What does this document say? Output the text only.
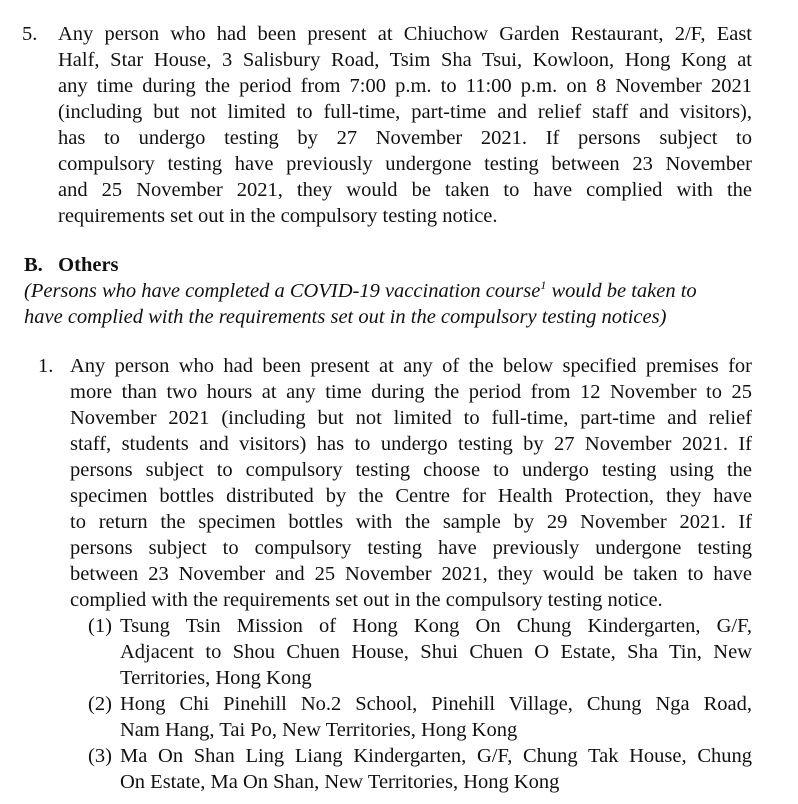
5. Any person who had been present at Chiuchow Garden Restaurant, 2/F, East
Half, Star House, 3 Salisbury Road, Tsim Sha Tsui, Kowloon, Hong Kong at
any time during the period from 7:00 p.m. to 11:00 p.m. on 8 November 2021
(including but not limited to full-time, part-time and relief staff and visitors),
has to undergo testing by 27 November 2021. If persons subject to
compulsory testing have previously undergone testing between 23 November
and 25 November 2021, they would be taken to have complied with the
requirements set out in the compulsory testing notice.
B.   Others
(Persons who have completed a COVID-19 vaccination course$^1$ would be taken to
have complied with the requirements set out in the compulsory testing notices)
1. Any person who had been present at any of the below specified premises for
more than two hours at any time during the period from 12 November to 25
November 2021 (including but not limited to full-time, part-time and relief
staff, students and visitors) has to undergo testing by 27 November 2021. If
persons subject to compulsory testing choose to undergo testing using the
specimen bottles distributed by the Centre for Health Protection, they have
to return the specimen bottles with the sample by 29 November 2021. If
persons subject to compulsory testing have previously undergone testing
between 23 November and 25 November 2021, they would be taken to have
complied with the requirements set out in the compulsory testing notice.
(1) Tsung Tsin Mission of Hong Kong On Chung Kindergarten, G/F,
Adjacent to Shou Chuen House, Shui Chuen O Estate, Sha Tin, New
Territories, Hong Kong
(2) Hong Chi Pinehill No.2 School, Pinehill Village, Chung Nga Road,
Nam Hang, Tai Po, New Territories, Hong Kong
(3) Ma On Shan Ling Liang Kindergarten, G/F, Chung Tak House, Chung
On Estate, Ma On Shan, New Territories, Hong Kong
